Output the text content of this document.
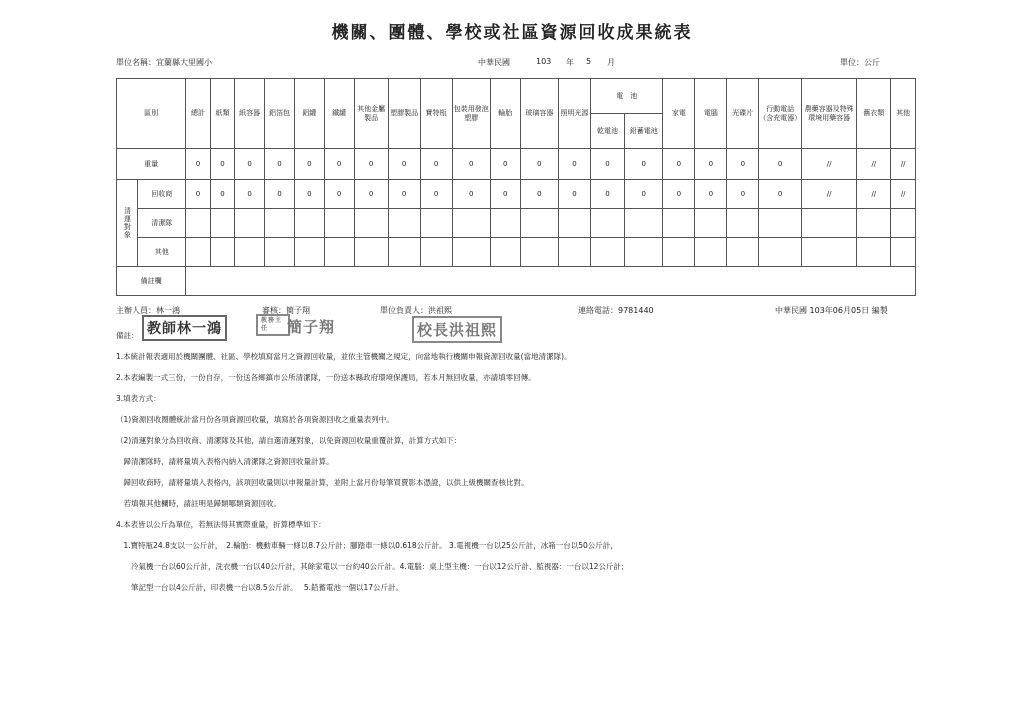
機關、團體、學校或社區資源回收成果統表
單位名稱：宜蘭縣大里國小	中華民國	103 年 5 月	單位：公斤
區別		總計	紙類	紙容器	鋁箔包	鋁罐	鐵罐	其他金屬製品	塑膠製品	寶特瓶	包裝用發泡塑膠	輪胎	玻璃容器	照明光源	電　池		家電	電腦	光碟片	行動電話（含充電器）	農藥容器及特殊環境用藥容器	舊衣類	其他
															乾電池	鉛蓄電池							
重量		0	0	0	0	0	0	0	0	0	0	0	0	0	0	0	0	0	0	0	//	//	//
清運對象	回收商	0	0	0	0	0	0	0	0	0	0	0	0	0	0	0	0	0	0	0	//	//	//
	清潔隊																						
	其他																						
備註欄																							
主辦人員：林一鴻	審核：簡子翔	單位負責人：洪祖熙	連絡電話：9781440	中華民國 103年06月05日 編製
教師林一鴻
教務主任	簡子翔	校長洪祖熙
備註：
1.本統計報表適用於機關團體、社區、學校填寫當月之資源回收量，並依主管機關之規定，向當地執行機關申報資源回收量(當地清潔隊)。
2.本表編製一式三份，一份自存，一份送各鄉鎮市公所清潔隊，一份送本縣政府環境保護局，若本月無回收量，亦請填零回傳。
3.填表方式：
（1)資源回收圈體統計當月份各項資源回收量，填寫於各項資源回收之重量表列中。
（2)清運對象分為回收商、清潔隊及其他，請自選清運對象，以免資源回收量重覆計算，計算方式如下：
　歸清潔隊時，請將量填入表格內納入清潔隊之資源回收量計算。
　歸回收商時，請將量填入表格內，該項回收量則以申報量計算，並附上當月份每筆買賣影本憑證，以供上級機關查核比對。
　若填報其他欄時，請註明是歸類哪類資源回收。
4.本表皆以公斤為單位，若無法得其實際重量，折算標準如下：
　1.寶特瓶24.8支以一公斤計，　2.輪胎：機動車輛一條以8.7公斤計；腳踏車一條以0.618公斤計。 3.電視機一台以25公斤計，冰箱一台以50公斤計，
　　冷氣機一台以60公斤計，洗衣機一台以40公斤計，其餘家電以一台約40公斤計。4.電腦：桌上型主機：一台以12公斤計、監視器：一台以12公斤計；
　　筆記型一台以4公斤計，印表機一台以8.5公斤計。　 5.鉛蓄電池一個以17公斤計。
